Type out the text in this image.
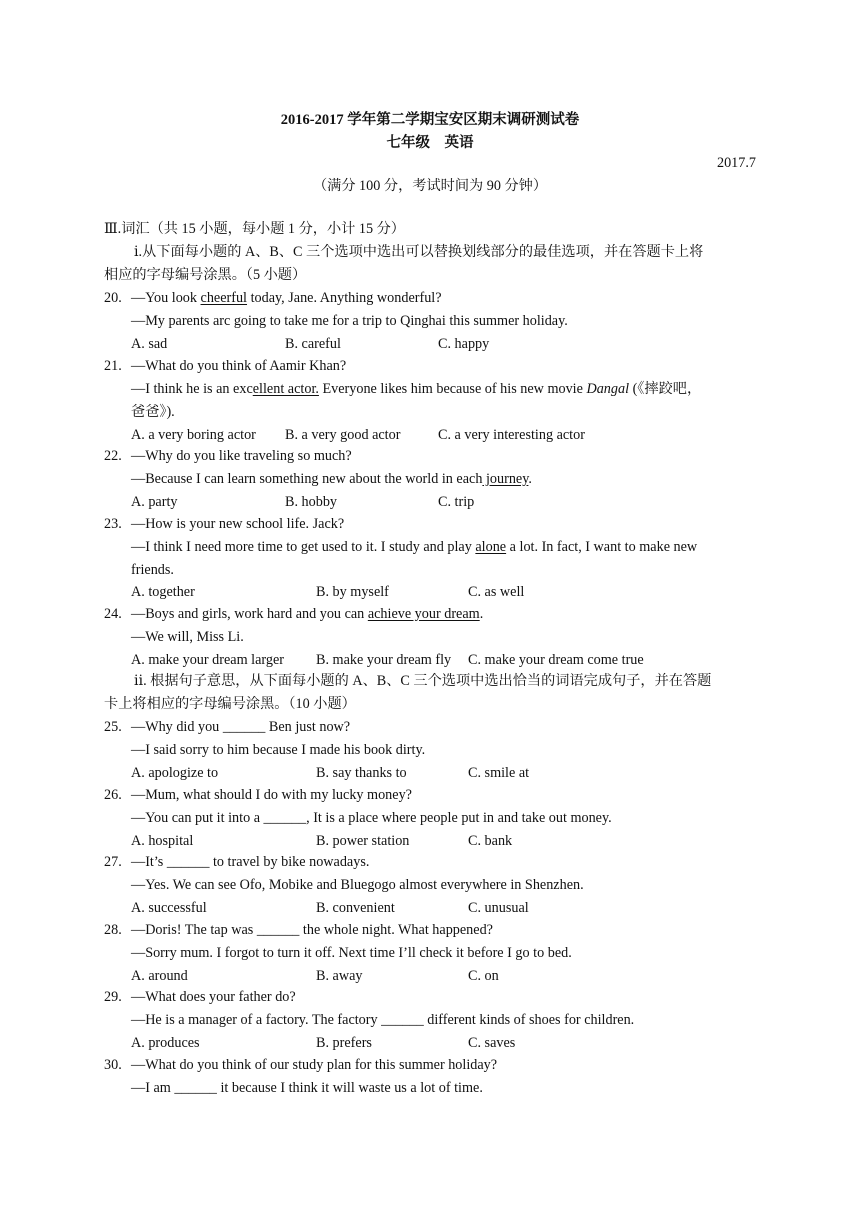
2016-2017 学年第二学期宝安区期末调研测试卷
七年级　英语
2017.7
（满分 100 分，考试时间为 90 分钟）
Ⅲ.词汇（共 15 小题，每小题 1 分，小计 15 分）
ⅰ.从下面每小题的 A、B、C 三个选项中选出可以替换划线部分的最佳选项，并在答题卡上将
相应的字母编号涂黑。（5 小题）
20. —You look cheerful today, Jane. Anything wonderful?
—My parents arc going to take me for a trip to Qinghai this summer holiday.
A. sad	B. careful	C. happy
21. —What do you think of Aamir Khan?
—I think he is an excellent actor. Everyone likes him because of his new movie Dangal (《摔跤吧，
爸爸》).
A. a very boring actor B. a very good actor	C. a very interesting actor
22. —Why do you like traveling so much?
—Because I can learn something new about the world in each journey.
A. party	B. hobby	C. trip
23. —How is your new school life. Jack?
—I think I need more time to get used to it. I study and play alone a lot. In fact, I want to make new
friends.
A. together	B. by myself	C. as well
24. —Boys and girls, work hard and you can achieve your dream.
—We will, Miss Li.
A. make your dream larger B. make your dream fly C. make your dream come true
ⅱ. 根据句子意思，从下面每小题的 A、B、C 三个选项中选出恰当的词语完成句子，并在答题
卡上将相应的字母编号涂黑。（10 小题）
25. —Why did you ______ Ben just now?
—I said sorry to him because I made his book dirty.
A. apologize to	B. say thanks to	C. smile at
26. —Mum, what should I do with my lucky money?
—You can put it into a ______, It is a place where people put in and take out money.
A. hospital	B. power station	C. bank
27. —It’s ______ to travel by bike nowadays.
—Yes. We can see Ofo, Mobike and Bluegogo almost everywhere in Shenzhen.
A. successful	B. convenient	C. unusual
28. —Doris! The tap was ______ the whole night. What happened?
—Sorry mum. I forgot to turn it off. Next time I’ll check it before I go to bed.
A. around	B. away	C. on
29. —What does your father do?
—He is a manager of a factory. The factory ______ different kinds of shoes for children.
A. produces	B. prefers	C. saves
30. —What do you think of our study plan for this summer holiday?
—I am ______ it because I think it will waste us a lot of time.
